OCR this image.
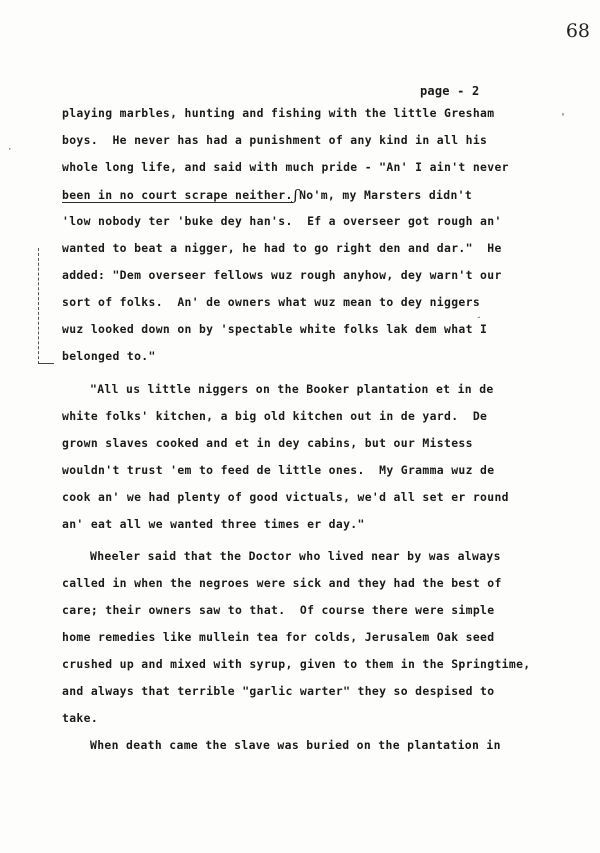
68
page - 2
'
·
-
playing marbles, hunting and fishing with the little Gresham
boys.  He never has had a punishment of any kind in all his
whole long life, and said with much pride - "An' I ain't never
been in no court scrape neither.ʃNo'm, my Marsters didn't
'low nobody ter 'buke dey han's.  Ef a overseer got rough an'
wanted to beat a nigger, he had to go right den and dar."  He
added: "Dem overseer fellows wuz rough anyhow, dey warn't our
sort of folks.  An' de owners what wuz mean to dey niggers
wuz looked down on by 'spectable white folks lak dem what I
belonged to."
"All us little niggers on the Booker plantation et in de
white folks' kitchen, a big old kitchen out in de yard.  De
grown slaves cooked and et in dey cabins, but our Mistess
wouldn't trust 'em to feed de little ones.  My Gramma wuz de
cook an' we had plenty of good victuals, we'd all set er round
an' eat all we wanted three times er day."
Wheeler said that the Doctor who lived near by was always
called in when the negroes were sick and they had the best of
care; their owners saw to that.  Of course there were simple
home remedies like mullein tea for colds, Jerusalem Oak seed
crushed up and mixed with syrup, given to them in the Springtime,
and always that terrible "garlic warter" they so despised to
take.
When death came the slave was buried on the plantation in
